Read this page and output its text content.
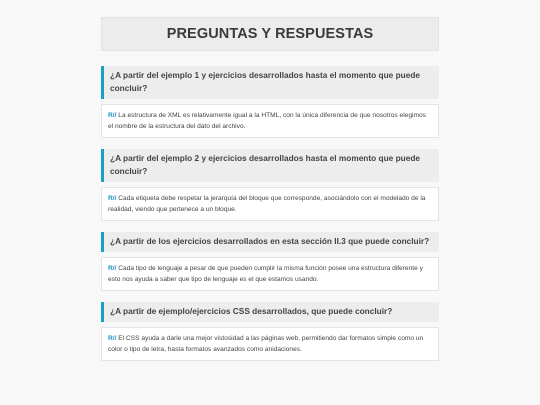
PREGUNTAS Y RESPUESTAS
¿A partir del ejemplo 1 y ejercicios desarrollados hasta el momento que puede concluir?
R// La estructura de XML es relativamente igual a la HTML, con la única diferencia de que nosotros elegimos el nombre de la estructura del dato del archivo.
¿A partir del ejemplo 2 y ejercicios desarrollados hasta el momento que puede concluir?
R// Cada etiqueta debe respetar la jerarquía del bloque que corresponde, asociándolo con el modelado de la realidad, viendo que pertenece a un bloque.
¿A partir de los ejercicios desarrollados en esta sección II.3 que puede concluir?
R// Cada tipo de lenguaje a pesar de que pueden cumplir la misma función posee una estructura diferente y esto nos ayuda a saber que tipo de lenguaje es el que estamos usando.
¿A partir de ejemplo/ejercicios CSS desarrollados, que puede concluir?
R// El CSS ayuda a darle una mejor vistosidad a las páginas web, permitiendo dar formatos simple como un color o tipo de letra, hasta formatos avanzados como anidaciones.
